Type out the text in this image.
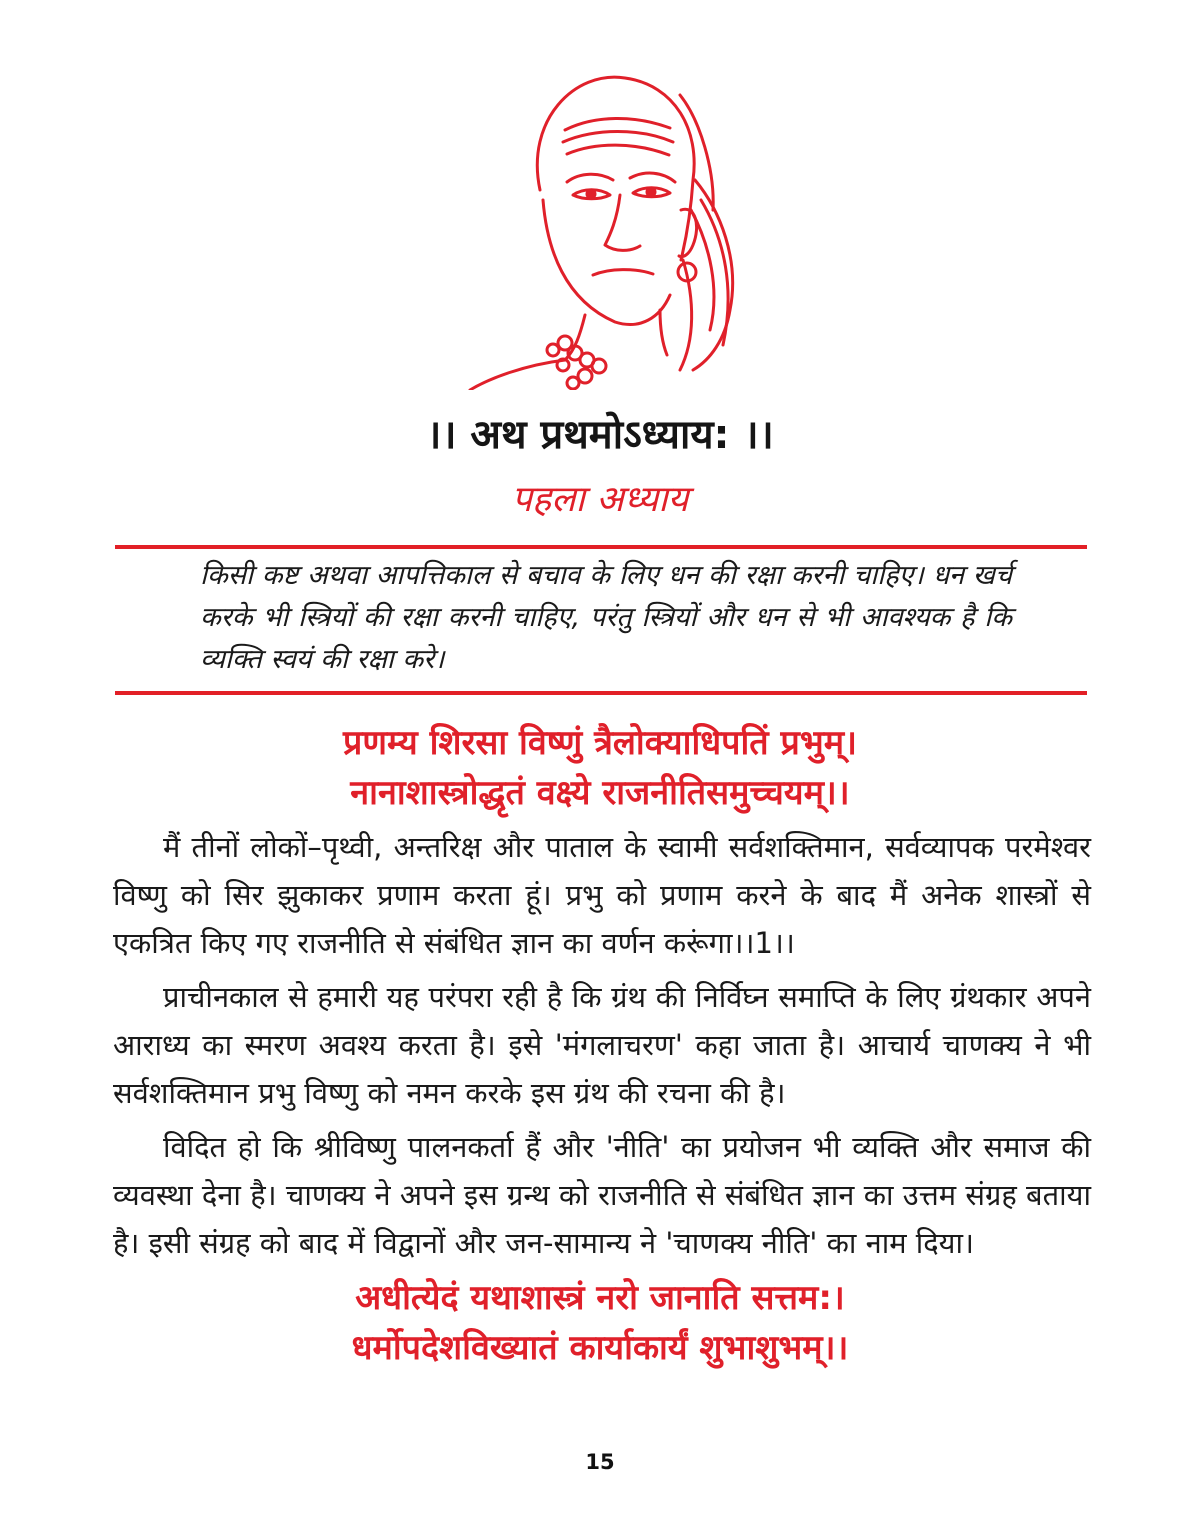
।। अथ प्रथमोऽध्याय: ।।
पहला अध्याय
किसी कष्ट अथवा आपत्तिकाल से बचाव के लिए धन की रक्षा करनी चाहिए। धन खर्च करके भी स्त्रियों की रक्षा करनी चाहिए, परंतु स्त्रियों और धन से भी आवश्यक है कि व्यक्ति स्वयं की रक्षा करे।
प्रणम्य शिरसा विष्णुं त्रैलोक्याधिपतिं प्रभुम्।
नानाशास्त्रोद्धृतं वक्ष्ये राजनीतिसमुच्चयम्।।

मैं तीनों लोकों–पृथ्वी, अन्तरिक्ष और पाताल के स्वामी सर्वशक्तिमान, सर्वव्यापक परमेश्वर विष्णु को सिर झुकाकर प्रणाम करता हूं। प्रभु को प्रणाम करने के बाद मैं अनेक शास्त्रों से एकत्रित किए गए राजनीति से संबंधित ज्ञान का वर्णन करूंगा।।1।।

प्राचीनकाल से हमारी यह परंपरा रही है कि ग्रंथ की निर्विघ्न समाप्ति के लिए ग्रंथकार अपने आराध्य का स्मरण अवश्य करता है। इसे 'मंगलाचरण' कहा जाता है। आचार्य चाणक्य ने भी सर्वशक्तिमान प्रभु विष्णु को नमन करके इस ग्रंथ की रचना की है।

विदित हो कि श्रीविष्णु पालनकर्ता हैं और 'नीति' का प्रयोजन भी व्यक्ति और समाज की व्यवस्था देना है। चाणक्य ने अपने इस ग्रन्थ को राजनीति से संबंधित ज्ञान का उत्तम संग्रह बताया है। इसी संग्रह को बाद में विद्वानों और जन-सामान्य ने 'चाणक्य नीति' का नाम दिया।

अधीत्येदं यथाशास्त्रं नरो जानाति सत्तम:।
धर्मोपदेशविख्यातं कार्याकार्यं शुभाशुभम्।।
15
